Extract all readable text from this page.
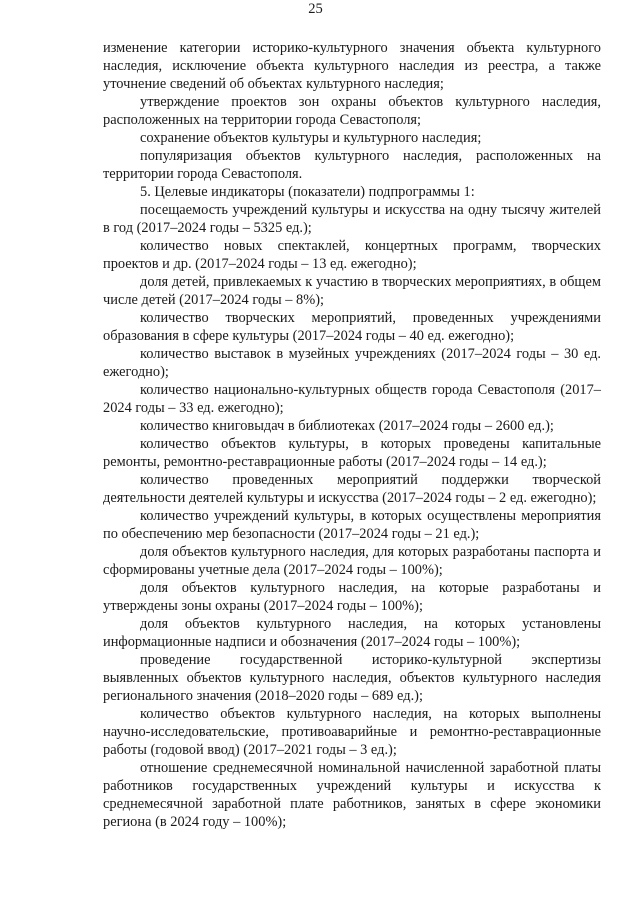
25

изменение категории историко-культурного значения объекта культурного наследия, исключение объекта культурного наследия из реестра, а также уточнение сведений об объектах культурного наследия;

утверждение проектов зон охраны объектов культурного наследия, расположенных на территории города Севастополя;

сохранение объектов культуры и культурного наследия;

популяризация объектов культурного наследия, расположенных на территории города Севастополя.

5. Целевые индикаторы (показатели) подпрограммы 1:

посещаемость учреждений культуры и искусства на одну тысячу жителей в год (2017–2024 годы – 5325 ед.);

количество новых спектаклей, концертных программ, творческих проектов и др. (2017–2024 годы – 13 ед. ежегодно);

доля детей, привлекаемых к участию в творческих мероприятиях, в общем числе детей (2017–2024 годы – 8%);

количество творческих мероприятий, проведенных учреждениями образования в сфере культуры (2017–2024 годы – 40 ед. ежегодно);

количество выставок в музейных учреждениях (2017–2024 годы – 30 ед. ежегодно);

количество национально-культурных обществ города Севастополя (2017–2024 годы – 33 ед. ежегодно);

количество книговыдач в библиотеках (2017–2024 годы – 2600 ед.);

количество объектов культуры, в которых проведены капитальные ремонты, ремонтно-реставрационные работы (2017–2024 годы – 14 ед.);

количество проведенных мероприятий поддержки творческой деятельности деятелей культуры и искусства (2017–2024 годы – 2 ед. ежегодно);

количество учреждений культуры, в которых осуществлены мероприятия по обеспечению мер безопасности (2017–2024 годы – 21 ед.);

доля объектов культурного наследия, для которых разработаны паспорта и сформированы учетные дела (2017–2024 годы – 100%);

доля объектов культурного наследия, на которые разработаны и утверждены зоны охраны (2017–2024 годы – 100%);

доля объектов культурного наследия, на которых установлены информационные надписи и обозначения (2017–2024 годы – 100%);

проведение государственной историко-культурной экспертизы выявленных объектов культурного наследия, объектов культурного наследия регионального значения (2018–2020 годы – 689 ед.);

количество объектов культурного наследия, на которых выполнены научно-исследовательские, противоаварийные и ремонтно-реставрационные работы (годовой ввод) (2017–2021 годы – 3 ед.);

отношение среднемесячной номинальной начисленной заработной платы работников государственных учреждений культуры и искусства к среднемесячной заработной плате работников, занятых в сфере экономики региона (в 2024 году – 100%);
